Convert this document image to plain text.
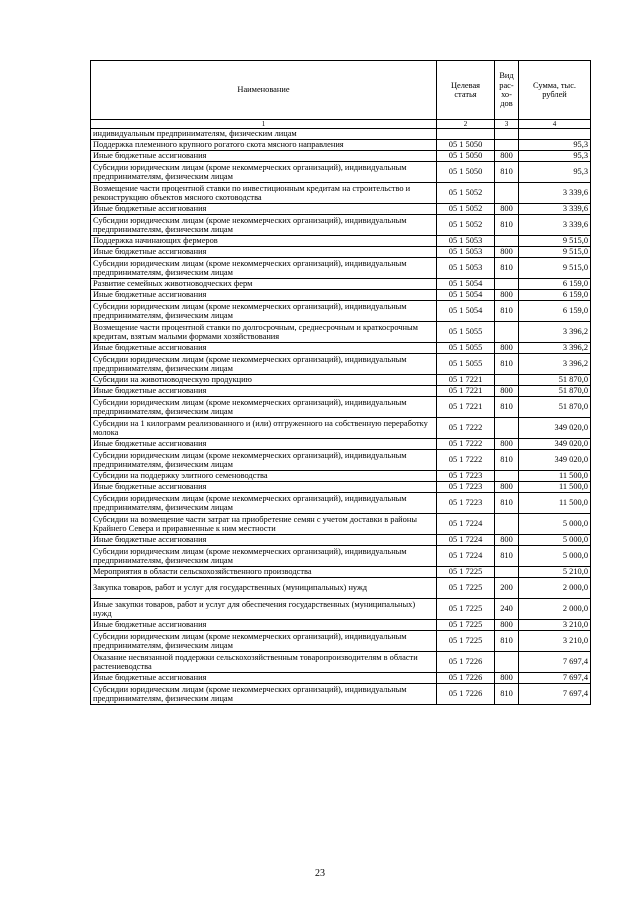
Наименование	Целевая статья	Вид рас-хо-дов	Сумма, тыс. рублей
1	2	3	4
индивидуальным предпринимателям, физическим лицам			
Поддержка племенного крупного рогатого скота мясного направления	05 1 5050		95,3
Иные бюджетные ассигнования	05 1 5050	800	95,3
Субсидии юридическим лицам (кроме некоммерческих организаций), индивидуальным предпринимателям, физическим лицам	05 1 5050	810	95,3
Возмещение части процентной ставки по инвестиционным кредитам на строительство и реконструкцию объектов мясного скотоводства	05 1 5052		3 339,6
Иные бюджетные ассигнования	05 1 5052	800	3 339,6
Субсидии юридическим лицам (кроме некоммерческих организаций), индивидуальным предпринимателям, физическим лицам	05 1 5052	810	3 339,6
Поддержка начинающих фермеров	05 1 5053		9 515,0
Иные бюджетные ассигнования	05 1 5053	800	9 515,0
Субсидии юридическим лицам (кроме некоммерческих организаций), индивидуальным предпринимателям, физическим лицам	05 1 5053	810	9 515,0
Развитие семейных животноводческих ферм	05 1 5054		6 159,0
Иные бюджетные ассигнования	05 1 5054	800	6 159,0
Субсидии юридическим лицам (кроме некоммерческих организаций), индивидуальным предпринимателям, физическим лицам	05 1 5054	810	6 159,0
Возмещение части процентной ставки по долгосрочным, среднесрочным и краткосрочным кредитам, взятым малыми формами хозяйствования	05 1 5055		3 396,2
Иные бюджетные ассигнования	05 1 5055	800	3 396,2
Субсидии юридическим лицам (кроме некоммерческих организаций), индивидуальным предпринимателям, физическим лицам	05 1 5055	810	3 396,2
Субсидии на животноводческую продукцию	05 1 7221		51 870,0
Иные бюджетные ассигнования	05 1 7221	800	51 870,0
Субсидии юридическим лицам (кроме некоммерческих организаций), индивидуальным предпринимателям, физическим лицам	05 1 7221	810	51 870,0
Субсидии на 1 килограмм реализованного и (или) отгруженного на собственную переработку молока	05 1 7222		349 020,0
Иные бюджетные ассигнования	05 1 7222	800	349 020,0
Субсидии юридическим лицам (кроме некоммерческих организаций), индивидуальным предпринимателям, физическим лицам	05 1 7222	810	349 020,0
Субсидии на поддержку элитного семеноводства	05 1 7223		11 500,0
Иные бюджетные ассигнования	05 1 7223	800	11 500,0
Субсидии юридическим лицам (кроме некоммерческих организаций), индивидуальным предпринимателям, физическим лицам	05 1 7223	810	11 500,0
Субсидии на возмещение части затрат на приобретение семян с учетом доставки в районы Крайнего Севера и приравненные к ним местности	05 1 7224		5 000,0
Иные бюджетные ассигнования	05 1 7224	800	5 000,0
Субсидии юридическим лицам (кроме некоммерческих организаций), индивидуальным предпринимателям, физическим лицам	05 1 7224	810	5 000,0
Мероприятия в области сельскохозяйственного производства	05 1 7225		5 210,0
Закупка товаров, работ и услуг для государственных (муниципальных) нужд	05 1 7225	200	2 000,0
Иные закупки товаров, работ и услуг для обеспечения государственных (муниципальных) нужд	05 1 7225	240	2 000,0
Иные бюджетные ассигнования	05 1 7225	800	3 210,0
Субсидии юридическим лицам (кроме некоммерческих организаций), индивидуальным предпринимателям, физическим лицам	05 1 7225	810	3 210,0
Оказание несвязанной поддержки сельскохозяйственным товаропроизводителям в области растениеводства	05 1 7226		7 697,4
Иные бюджетные ассигнования	05 1 7226	800	7 697,4
Субсидии юридическим лицам (кроме некоммерческих организаций), индивидуальным предпринимателям, физическим лицам	05 1 7226	810	7 697,4
23
